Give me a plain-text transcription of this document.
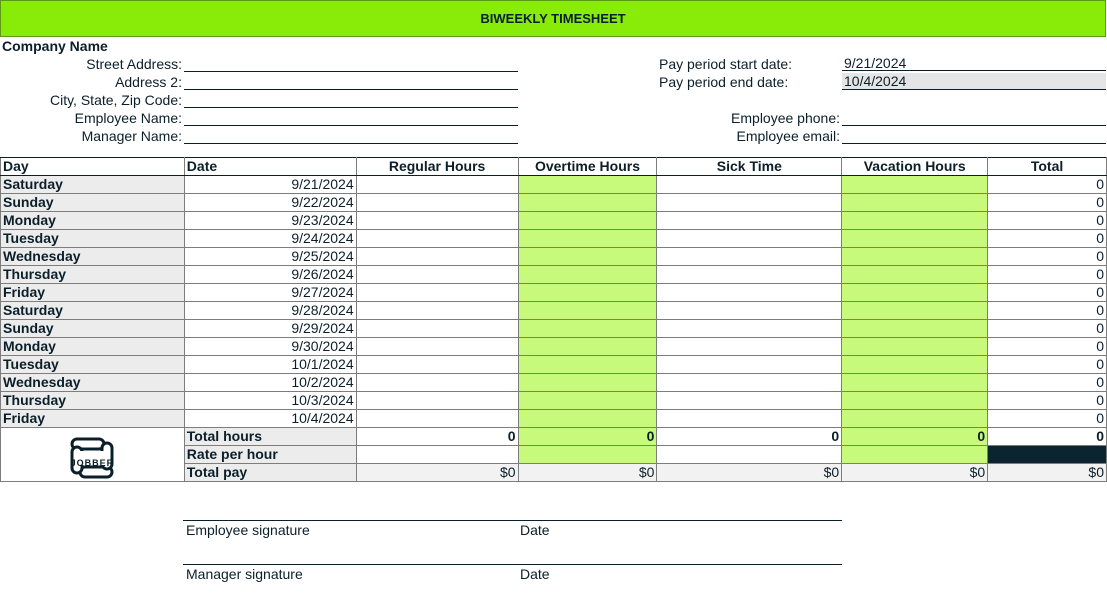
BIWEEKLY TIMESHEET
Company Name
Street Address:
Address 2:
City, State, Zip Code:
Employee Name:
Manager Name:
Pay period start date:	9/21/2024
Pay period end date:	10/4/2024
Employee phone:
Employee email:
Day	Date	Regular Hours	Overtime Hours	Sick Time	Vacation Hours	Total
Saturday	9/21/2024					0
Sunday	9/22/2024					0
Monday	9/23/2024					0
Tuesday	9/24/2024					0
Wednesday	9/25/2024					0
Thursday	9/26/2024					0
Friday	9/27/2024					0
Saturday	9/28/2024					0
Sunday	9/29/2024					0
Monday	9/30/2024					0
Tuesday	10/1/2024					0
Wednesday	10/2/2024					0
Thursday	10/3/2024					0
Friday	10/4/2024					0

JOBBER	Total hours	0	0	0	0	0
	Rate per hour					
	Total pay	$0	$0	$0	$0	$0
Employee signature	Date
Manager signature	Date
